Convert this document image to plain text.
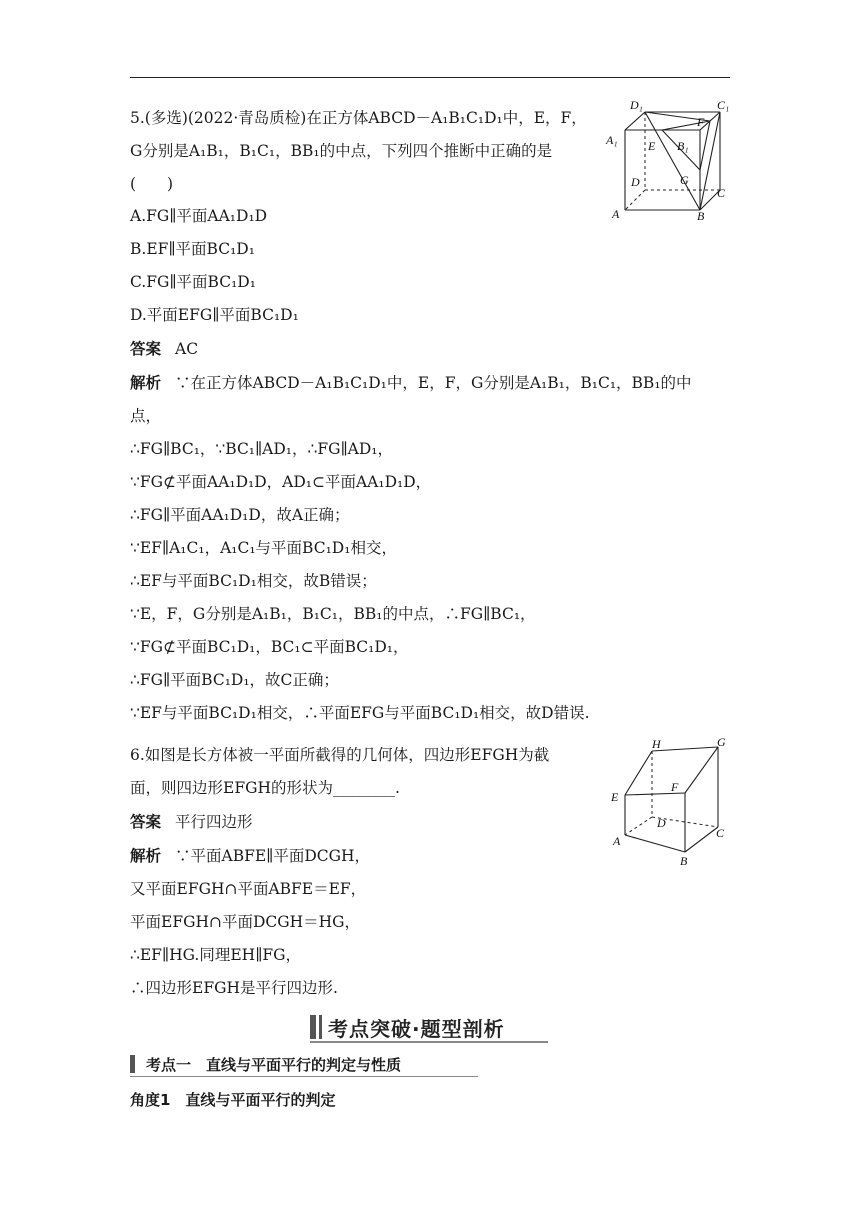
5.(多选)(2022·青岛质检)在正方体ABCD－A₁B₁C₁D₁中，E，F，
G分别是A₁B₁，B₁C₁，BB₁的中点，下列四个推断中正确的是
(　　)
A.FG∥平面AA₁D₁D
B.EF∥平面BC₁D₁
C.FG∥平面BC₁D₁
D.平面EFG∥平面BC₁D₁
答案 AC
解析 ∵在正方体ABCD－A₁B₁C₁D₁中，E，F，G分别是A₁B₁，B₁C₁，BB₁的中
点，
∴FG∥BC₁，∵BC₁∥AD₁，∴FG∥AD₁，
∵FG⊄平面AA₁D₁D，AD₁⊂平面AA₁D₁D，
∴FG∥平面AA₁D₁D，故A正确；
∵EF∥A₁C₁，A₁C₁与平面BC₁D₁相交，
∴EF与平面BC₁D₁相交，故B错误；
∵E，F，G分别是A₁B₁，B₁C₁，BB₁的中点，∴FG∥BC₁，
∵FG⊄平面BC₁D₁，BC₁⊂平面BC₁D₁，
∴FG∥平面BC₁D₁，故C正确；
∵EF与平面BC₁D₁相交，∴平面EFG与平面BC₁D₁相交，故D错误.
D₁	C₁
A₁	B₁
E
F
G
D
C
A	B
6.如图是长方体被一平面所截得的几何体，四边形EFGH为截
面，则四边形EFGH的形状为________.
答案 平行四边形
解析 ∵平面ABFE∥平面DCGH，
又平面EFGH∩平面ABFE＝EF，
平面EFGH∩平面DCGH＝HG，
∴EF∥HG.同理EH∥FG，
∴四边形EFGH是平行四边形.
H	G
E
F
D
C
A
B
考点突破·题型剖析
考点一　直线与平面平行的判定与性质
角度1　直线与平面平行的判定
